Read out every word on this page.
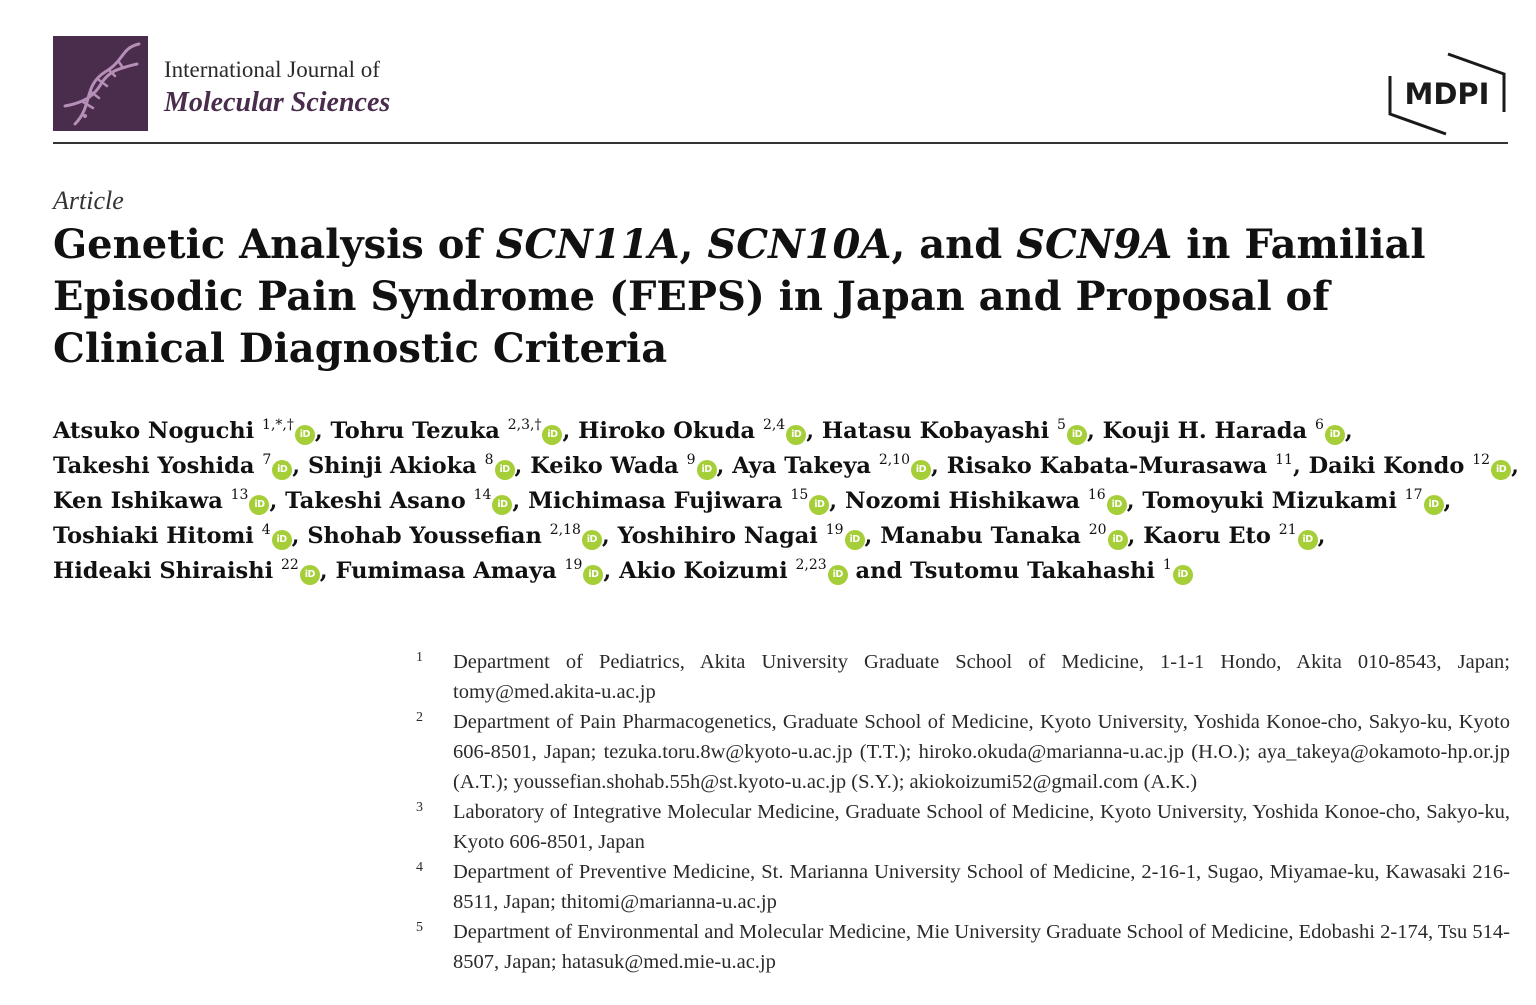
International Journal of
Molecular Sciences	MDPI
Article
Genetic Analysis of SCN11A, SCN10A, and SCN9A in Familial Episodic Pain Syndrome (FEPS) in Japan and Proposal of Clinical Diagnostic Criteria
Atsuko Noguchi $^{1,*,\dagger}$iD , Tohru Tezuka $^{2,3,\dagger}$iD , Hiroko Okuda $^{2,4}$iD , Hatasu Kobayashi $^5$iD , Kouji H. Harada $^6$iD , Takeshi Yoshida $^7$iD , Shinji Akioka $^8$iD , Keiko Wada $^9$iD , Aya Takeya $^{2,10}$iD , Risako Kabata-Murasawa $^{11}$, Daiki Kondo $^{12}$iD , Ken Ishikawa $^{13}$iD , Takeshi Asano $^{14}$iD , Michimasa Fujiwara $^{15}$iD , Nozomi Hishikawa $^{16}$iD , Tomoyuki Mizukami $^{17}$iD , Toshiaki Hitomi $^4$iD , Shohab Youssefian $^{2,18}$iD , Yoshihiro Nagai $^{19}$iD , Manabu Tanaka $^{20}$iD , Kaoru Eto $^{21}$iD , Hideaki Shiraishi $^{22}$iD , Fumimasa Amaya $^{19}$iD , Akio Koizumi $^{2,23}$iD and Tsutomu Takahashi $^1$iD
1	Department of Pediatrics, Akita University Graduate School of Medicine, 1-1-1 Hondo, Akita 010-8543, Japan; tomy@med.akita-u.ac.jp
2	Department of Pain Pharmacogenetics, Graduate School of Medicine, Kyoto University, Yoshida Konoe-cho, Sakyo-ku, Kyoto 606-8501, Japan; tezuka.toru.8w@kyoto-u.ac.jp (T.T.); hiroko.okuda@marianna-u.ac.jp (H.O.); aya_takeya@okamoto-hp.or.jp (A.T.); youssefian.shohab.55h@st.kyoto-u.ac.jp (S.Y.); akiokoizumi52@gmail.com (A.K.)
3	Laboratory of Integrative Molecular Medicine, Graduate School of Medicine, Kyoto University, Yoshida Konoe-cho, Sakyo-ku, Kyoto 606-8501, Japan
4	Department of Preventive Medicine, St. Marianna University School of Medicine, 2-16-1, Sugao, Miyamae-ku, Kawasaki 216-8511, Japan; thitomi@marianna-u.ac.jp
5	Department of Environmental and Molecular Medicine, Mie University Graduate School of Medicine, Edobashi 2-174, Tsu 514-8507, Japan; hatasuk@med.mie-u.ac.jp
